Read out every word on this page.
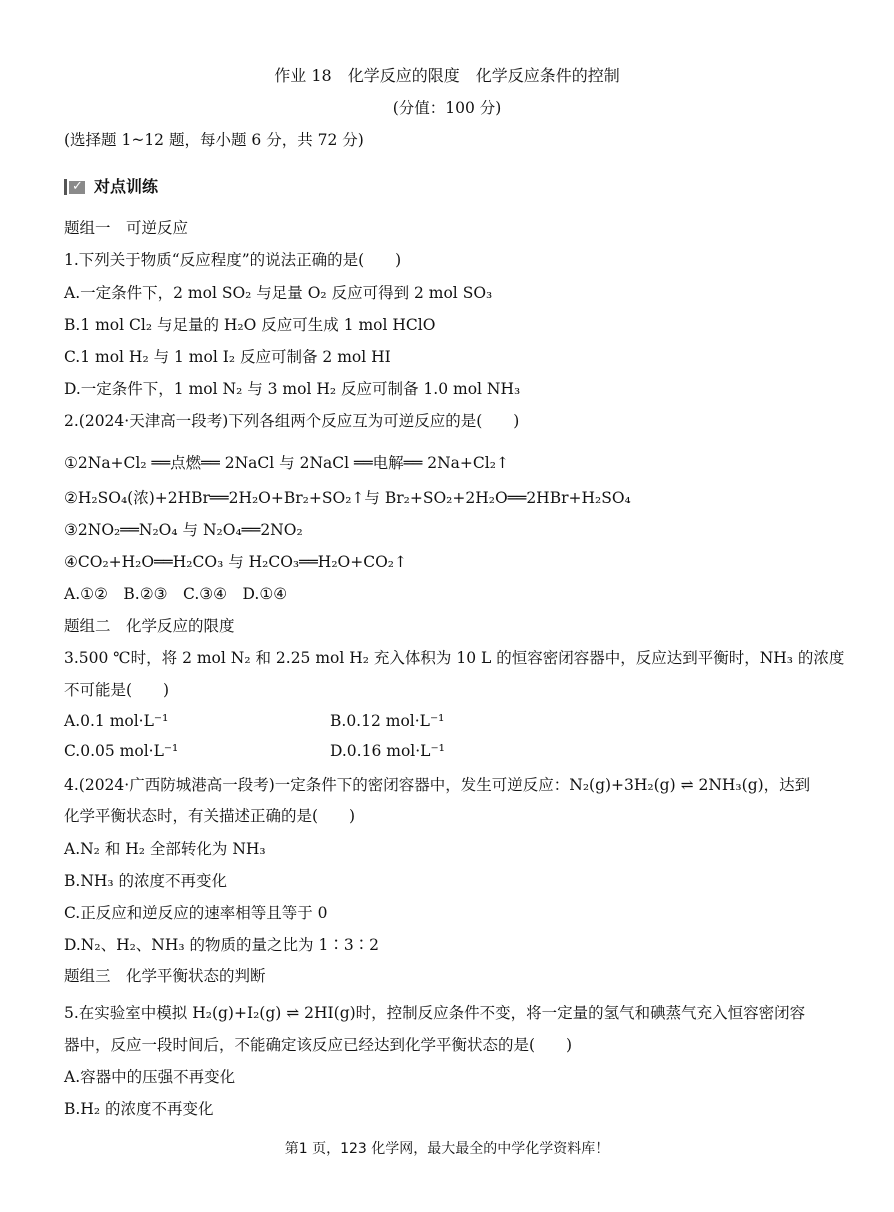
作业 18　化学反应的限度　化学反应条件的控制
(分值：100 分)
(选择题 1~12 题，每小题 6 分，共 72 分)
✓ 对点训练
题组一　可逆反应
1.下列关于物质“反应程度”的说法正确的是(　　)
A.一定条件下，2 mol SO₂ 与足量 O₂ 反应可得到 2 mol SO₃
B.1 mol Cl₂ 与足量的 H₂O 反应可生成 1 mol HClO
C.1 mol H₂ 与 1 mol I₂ 反应可制备 2 mol HI
D.一定条件下，1 mol N₂ 与 3 mol H₂ 反应可制备 1.0 mol NH₃
2.(2024·天津高一段考)下列各组两个反应互为可逆反应的是(　　)
①2Na+Cl₂ ══点燃══ 2NaCl 与 2NaCl ══电解══ 2Na+Cl₂↑
②H₂SO₄(浓)+2HBr══2H₂O+Br₂+SO₂↑与 Br₂+SO₂+2H₂O══2HBr+H₂SO₄
③2NO₂══N₂O₄ 与 N₂O₄══2NO₂
④CO₂+H₂O══H₂CO₃ 与 H₂CO₃══H₂O+CO₂↑
A.①②　B.②③　C.③④　D.①④
题组二　化学反应的限度
3.500 ℃时，将 2 mol N₂ 和 2.25 mol H₂ 充入体积为 10 L 的恒容密闭容器中，反应达到平衡时，NH₃ 的浓度
不可能是(　　)
A.0.1 mol·L⁻¹	B.0.12 mol·L⁻¹
C.0.05 mol·L⁻¹	D.0.16 mol·L⁻¹
4.(2024·广西防城港高一段考)一定条件下的密闭容器中，发生可逆反应：N₂(g)+3H₂(g) ⇌ 2NH₃(g)，达到
化学平衡状态时，有关描述正确的是(　　)
A.N₂ 和 H₂ 全部转化为 NH₃
B.NH₃ 的浓度不再变化
C.正反应和逆反应的速率相等且等于 0
D.N₂、H₂、NH₃ 的物质的量之比为 1∶3∶2
题组三　化学平衡状态的判断
5.在实验室中模拟 H₂(g)+I₂(g) ⇌ 2HI(g)时，控制反应条件不变，将一定量的氢气和碘蒸气充入恒容密闭容
器中，反应一段时间后，不能确定该反应已经达到化学平衡状态的是(　　)
A.容器中的压强不再变化
B.H₂ 的浓度不再变化
第1 页，123 化学网，最大最全的中学化学资料库！
